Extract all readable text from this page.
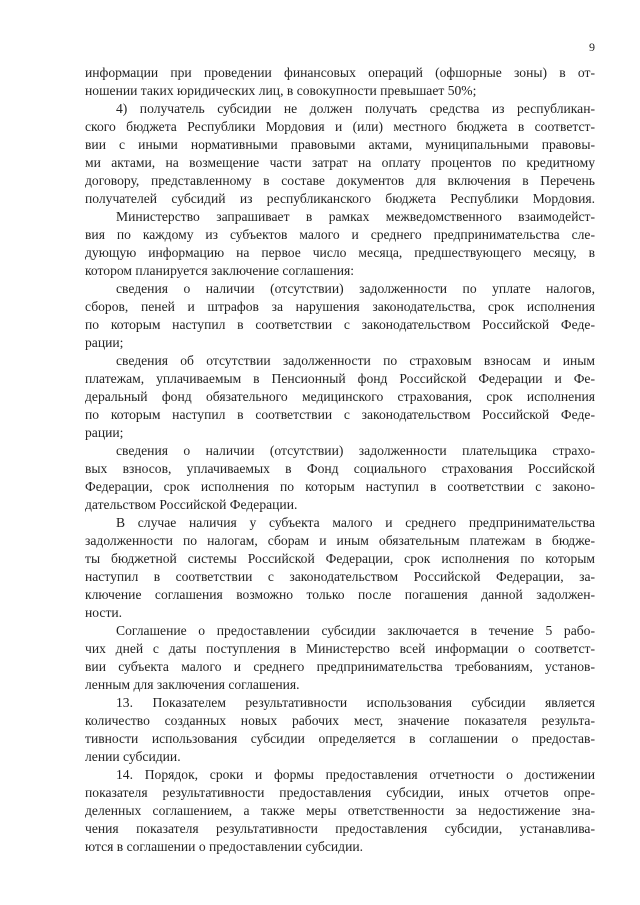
9
информации при проведении финансовых операций (офшорные зоны) в от-
ношении таких юридических лиц, в совокупности превышает 50%;
4) получатель субсидии не должен получать средства из республикан-
ского бюджета Республики Мордовия и (или) местного бюджета в соответст-
вии с иными нормативными правовыми актами, муниципальными правовы-
ми актами, на возмещение части затрат на оплату процентов по кредитному
договору, представленному в составе документов для включения в Перечень
получателей субсидий из республиканского бюджета Республики Мордовия.
Министерство запрашивает в рамках межведомственного взаимодейст-
вия по каждому из субъектов малого и среднего предпринимательства сле-
дующую информацию на первое число месяца, предшествующего месяцу, в
котором планируется заключение соглашения:
сведения о наличии (отсутствии) задолженности по уплате налогов,
сборов, пеней и штрафов за нарушения законодательства, срок исполнения
по которым наступил в соответствии с законодательством Российской Феде-
рации;
сведения об отсутствии задолженности по страховым взносам и иным
платежам, уплачиваемым в Пенсионный фонд Российской Федерации и Фе-
деральный фонд обязательного медицинского страхования, срок исполнения
по которым наступил в соответствии с законодательством Российской Феде-
рации;
сведения о наличии (отсутствии) задолженности плательщика страхо-
вых взносов, уплачиваемых в Фонд социального страхования Российской
Федерации, срок исполнения по которым наступил в соответствии с законо-
дательством Российской Федерации.
В случае наличия у субъекта малого и среднего предпринимательства
задолженности по налогам, сборам и иным обязательным платежам в бюдже-
ты бюджетной системы Российской Федерации, срок исполнения по которым
наступил в соответствии с законодательством Российской Федерации, за-
ключение соглашения возможно только после погашения данной задолжен-
ности.
Соглашение о предоставлении субсидии заключается в течение 5 рабо-
чих дней с даты поступления в Министерство всей информации о соответст-
вии субъекта малого и среднего предпринимательства требованиям, установ-
ленным для заключения соглашения.
13. Показателем результативности использования субсидии является
количество созданных новых рабочих мест, значение показателя результа-
тивности использования субсидии определяется в соглашении о предостав-
лении субсидии.
14. Порядок, сроки и формы предоставления отчетности о достижении
показателя результативности предоставления субсидии, иных отчетов опре-
деленных соглашением, а также меры ответственности за недостижение зна-
чения показателя результативности предоставления субсидии, устанавлива-
ются в соглашении о предоставлении субсидии.
